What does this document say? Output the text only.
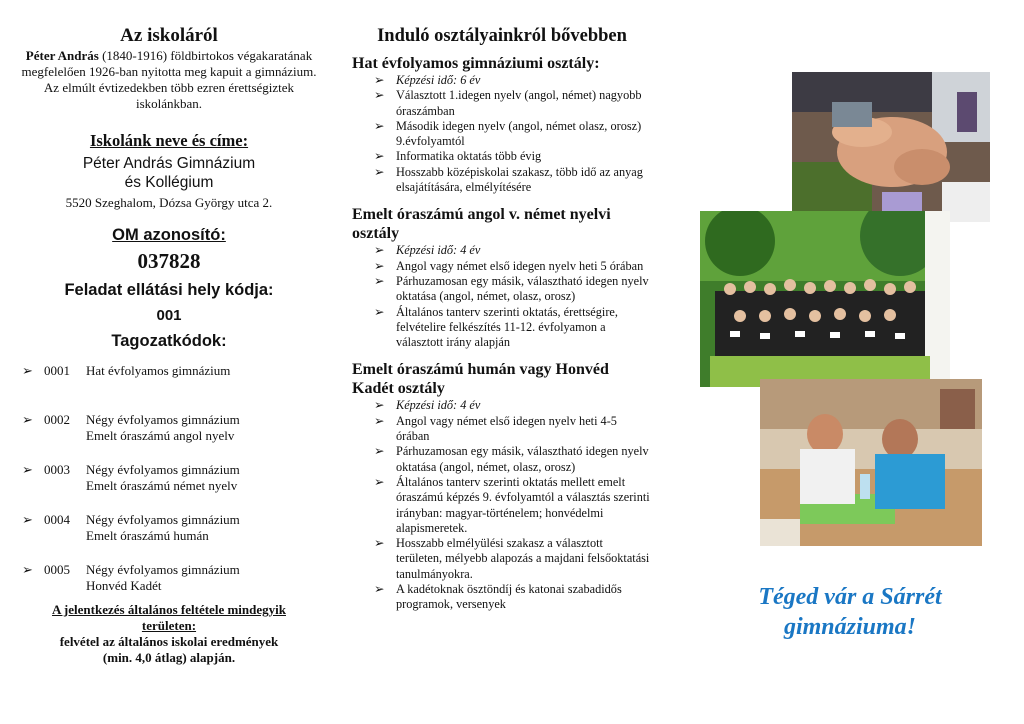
Az iskoláról
Péter András (1840-1916) földbirtokos végakaratának megfelelően 1926-ban nyitotta meg kapuit a gimnázium. Az elmúlt évtizedekben több ezren érettségiztek iskolánkban.
Iskolánk neve és címe:
Péter András Gimnázium
és Kollégium
5520 Szeghalom, Dózsa György utca 2.
OM azonosító:
037828
Feladat ellátási hely kódja:
001
Tagozatkódok:
➢ 0001	Hat évfolyamos gimnázium

➢ 0002	Négy évfolyamos gimnázium
Emelt óraszámú angol nyelv
➢ 0003	Négy évfolyamos gimnázium
Emelt óraszámú német nyelv
➢ 0004	Négy évfolyamos gimnázium
Emelt óraszámú humán
➢ 0005	Négy évfolyamos gimnázium
Honvéd Kadét
A jelentkezés általános feltétele mindegyik területen:
felvétel az általános iskolai eredmények (min. 4,0 átlag) alapján.
Induló osztályainkról bővebben
Hat évfolyamos gimnáziumi osztály:
➢ Képzési idő: 6 év
➢ Választott 1.idegen nyelv (angol, német) nagyobb óraszámban
➢ Második idegen nyelv (angol, német olasz, orosz) 9.évfolyamtól
➢ Informatika oktatás több évig
➢ Hosszabb középiskolai szakasz, több idő az anyag elsajátítására, elmélyítésére
Emelt óraszámú angol v. német nyelvi osztály
➢ Képzési idő: 4 év
➢ Angol vagy német első idegen nyelv heti 5 órában
➢ Párhuzamosan egy másik, választható idegen nyelv oktatása (angol, német, olasz, orosz)
➢ Általános tanterv szerinti oktatás, érettségire, felvételire felkészítés 11-12. évfolyamon a választott irány alapján
Emelt óraszámú humán vagy Honvéd Kadét osztály
➢ Képzési idő: 4 év
➢ Angol vagy német első idegen nyelv heti 4-5 órában
➢ Párhuzamosan egy másik, választható idegen nyelv oktatása (angol, német, olasz, orosz)
➢ Általános tanterv szerinti oktatás mellett emelt óraszámú képzés 9. évfolyamtól a választás szerinti irányban: magyar-történelem; honvédelmi alapismeretek.
➢ Hosszabb elmélyülési szakasz a választott területen, mélyebb alapozás a majdani felsőoktatási tanulmányokra.
➢ A kadétoknak ösztöndíj és katonai szabadidős programok, versenyek	Téged vár a Sárrét
gimnáziuma!
